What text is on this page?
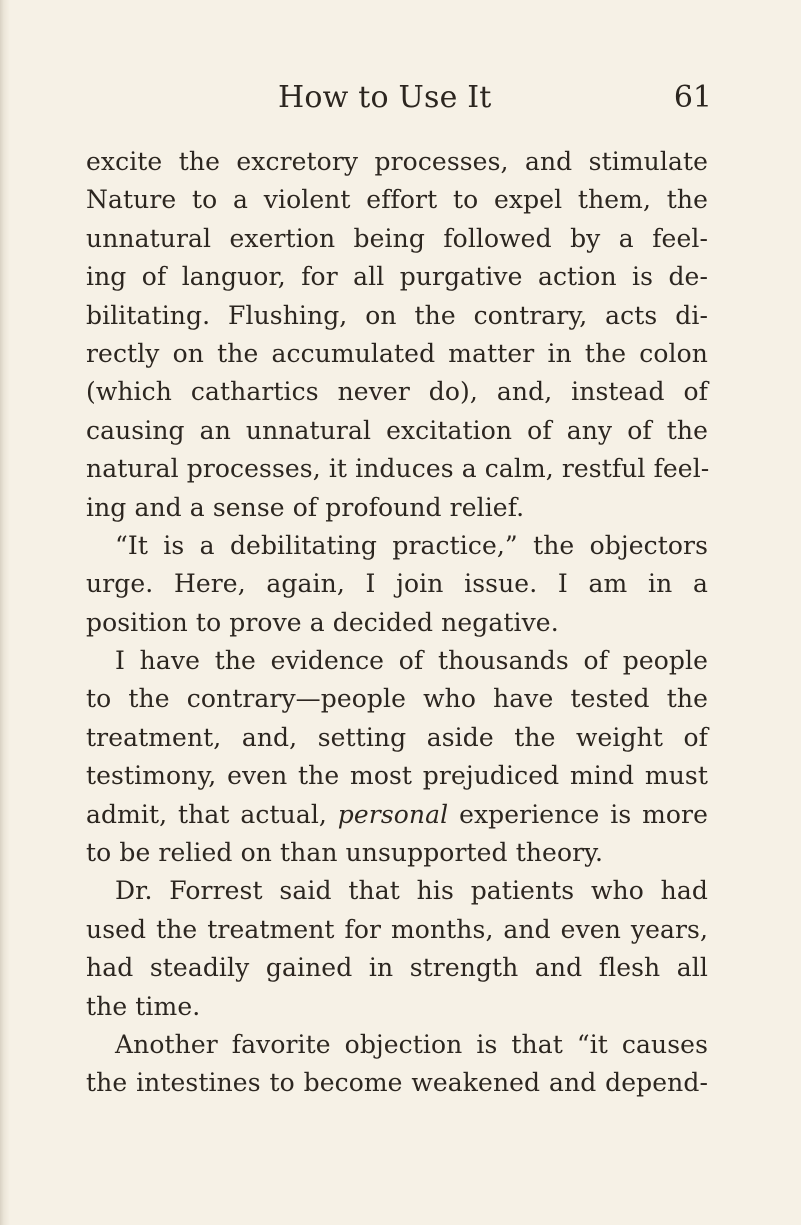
How to Use It	61
excite the excretory processes, and stimulate
Nature to a violent effort to expel them, the
unnatural exertion being followed by a feel-
ing of languor, for all purgative action is de-
bilitating. Flushing, on the contrary, acts di-
rectly on the accumulated matter in the colon
(which cathartics never do), and, instead of
causing an unnatural excitation of any of the
natural processes, it induces a calm, restful feel-
ing and a sense of profound relief.
“It is a debilitating practice,” the objectors
urge. Here, again, I join issue. I am in a
position to prove a decided negative.
I have the evidence of thousands of people
to the contrary—people who have tested the
treatment, and, setting aside the weight of
testimony, even the most prejudiced mind must
admit, that actual, personal experience is more
to be relied on than unsupported theory.
Dr. Forrest said that his patients who had
used the treatment for months, and even years,
had steadily gained in strength and flesh all
the time.
Another favorite objection is that “it causes
the intestines to become weakened and depend-
